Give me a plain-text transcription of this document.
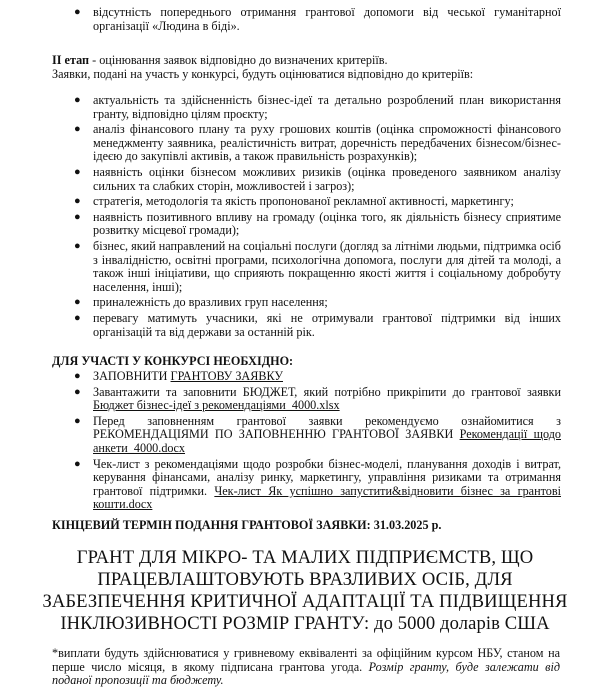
● відсутність попереднього отримання грантової допомоги від чеської гуманітарної організації «Людина в біді».
ІІ етап - оцінювання заявок відповідно до визначених критеріїв.
Заявки, подані на участь у конкурсі, будуть оцінюватися відповідно до критеріїв:
● актуальність та здійсненність бізнес-ідеї та детально розроблений план використання гранту, відповідно цілям проєкту;
● аналіз фінансового плану та руху грошових коштів (оцінка спроможності фінансового менеджменту заявника, реалістичність витрат, доречність передбачених бізнесом/бізнес-ідеєю до закупівлі активів, а також правильність розрахунків);
● наявність оцінки бізнесом можливих ризиків (оцінка проведеного заявником аналізу сильних та слабких сторін, можливостей і загроз);
● стратегія, методологія та якість пропонованої рекламної активності, маркетингу;
● наявність позитивного впливу на громаду (оцінка того, як діяльність бізнесу сприятиме розвитку місцевої громади);
● бізнес, який направлений на соціальні послуги (догляд за літніми людьми, підтримка осіб з інвалідністю, освітні програми, психологічна допомога, послуги для дітей та молоді, а також інші ініціативи, що сприяють покращенню якості життя і соціальному добробуту населення, інші);
● приналежність до вразливих груп населення;
● перевагу матимуть учасники, які не отримували грантової підтримки від інших організацій та від держави за останній рік.
ДЛЯ УЧАСТІ У КОНКУРСІ НЕОБХІДНО:
● ЗАПОВНИТИ ГРАНТОВУ ЗАЯВКУ
● Завантажити та заповнити БЮДЖЕТ, який потрібно прикріпити до грантової заявки Бюджет бізнес-ідеї з рекомендаціями_4000.xlsx
● Перед заповненням грантової заявки рекомендуємо ознайомитися з РЕКОМЕНДАЦІЯМИ ПО ЗАПОВНЕННЮ ГРАНТОВОЇ ЗАЯВКИ Рекомендації щодо анкети_4000.docx
● Чек-лист з рекомендаціями щодо розробки бізнес-моделі, планування доходів і витрат, керування фінансами, аналізу ринку, маркетингу, управління ризиками та отримання грантової підтримки. Чек-лист Як успішно запустити&відновити бізнес за грантові кошти.docx
КІНЦЕВИЙ ТЕРМІН ПОДАННЯ ГРАНТОВОЇ ЗАЯВКИ: 31.03.2025 р.
ГРАНТ ДЛЯ МІКРО- ТА МАЛИХ ПІДПРИЄМСТВ, ЩО
ПРАЦЕВЛАШТОВУЮТЬ ВРАЗЛИВИХ ОСІБ, ДЛЯ
ЗАБЕЗПЕЧЕННЯ КРИТИЧНОЇ АДАПТАЦІЇ ТА ПІДВИЩЕННЯ
ІНКЛЮЗИВНОСТІ РОЗМІР ГРАНТУ: до 5000 доларів США
*виплати будуть здійснюватися у гривневому еквіваленті за офіційним курсом НБУ, станом на перше число місяця, в якому підписана грантова угода. Розмір гранту, буде залежати від поданої пропозиції та бюджету.
